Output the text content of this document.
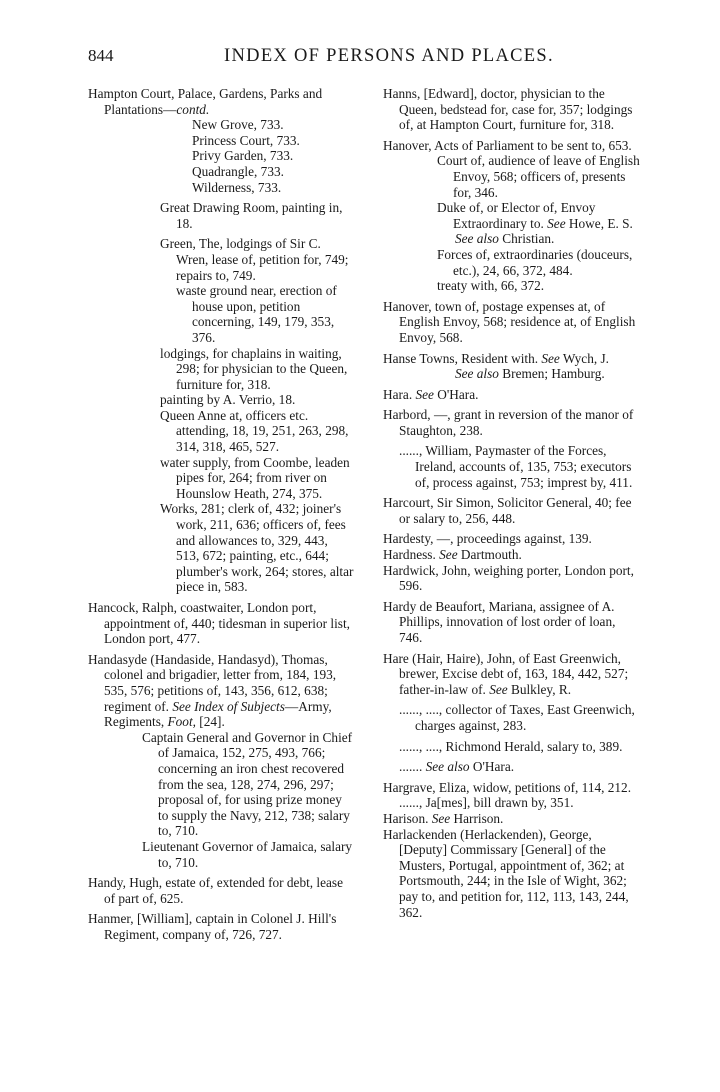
844	INDEX OF PERSONS AND PLACES.
Hampton Court, Palace, Gardens, Parks and Plantations—contd.
New Grove, 733.
Princess Court, 733.
Privy Garden, 733.
Quadrangle, 733.
Wilderness, 733.
Great Drawing Room, painting in, 18.
Green, The, lodgings of Sir C. Wren, lease of, petition for, 749; repairs to, 749.
waste ground near, erection of house upon, petition concerning, 149, 179, 353, 376.
lodgings, for chaplains in waiting, 298; for physician to the Queen, furniture for, 318.
painting by A. Verrio, 18.
Queen Anne at, officers etc. attending, 18, 19, 251, 263, 298, 314, 318, 465, 527.
water supply, from Coombe, leaden pipes for, 264; from river on Hounslow Heath, 274, 375.
Works, 281; clerk of, 432; joiner's work, 211, 636; officers of, fees and allowances to, 329, 443, 513, 672; painting, etc., 644; plumber's work, 264; stores, altar piece in, 583.
Hancock, Ralph, coastwaiter, London port, appointment of, 440; tidesman in superior list, London port, 477.
Handasyde (Handaside, Handasyd), Thomas, colonel and brigadier, letter from, 184, 193, 535, 576; petitions of, 143, 356, 612, 638; regiment of. See Index of Subjects—Army, Regiments, Foot, [24].
Captain General and Governor in Chief of Jamaica, 152, 275, 493, 766; concerning an iron chest recovered from the sea, 128, 274, 296, 297; proposal of, for using prize money to supply the Navy, 212, 738; salary to, 710.
Lieutenant Governor of Jamaica, salary to, 710.
Handy, Hugh, estate of, extended for debt, lease of part of, 625.
Hanmer, [William], captain in Colonel J. Hill's Regiment, company of, 726, 727.
Hanns, [Edward], doctor, physician to the Queen, bedstead for, case for, 357; lodgings of, at Hampton Court, furniture for, 318.
Hanover, Acts of Parliament to be sent to, 653.
Court of, audience of leave of English Envoy, 568; officers of, presents for, 346.
Duke of, or Elector of, Envoy Extraordinary to. See Howe, E. S.
See also Christian.
Forces of, extraordinaries (douceurs, etc.), 24, 66, 372, 484.
treaty with, 66, 372.
Hanover, town of, postage expenses at, of English Envoy, 568; residence at, of English Envoy, 568.
Hanse Towns, Resident with. See Wych, J.
See also Bremen; Hamburg.
Hara. See O'Hara.
Harbord, —, grant in reversion of the manor of Staughton, 238.
......, William, Paymaster of the Forces, Ireland, accounts of, 135, 753; executors of, process against, 753; imprest by, 411.
Harcourt, Sir Simon, Solicitor General, 40; fee or salary to, 256, 448.
Hardesty, —, proceedings against, 139.
Hardness. See Dartmouth.
Hardwick, John, weighing porter, London port, 596.
Hardy de Beaufort, Mariana, assignee of A. Phillips, innovation of lost order of loan, 746.
Hare (Hair, Haire), John, of East Greenwich, brewer, Excise debt of, 163, 184, 442, 527; father-in-law of. See Bulkley, R.
......, ...., collector of Taxes, East Greenwich, charges against, 283.
......, ...., Richmond Herald, salary to, 389.
....... See also O'Hara.
Hargrave, Eliza, widow, petitions of, 114, 212.
......, Ja[mes], bill drawn by, 351.
Harison. See Harrison.
Harlackenden (Herlackenden), George, [Deputy] Commissary [General] of the Musters, Portugal, appointment of, 362; at Portsmouth, 244; in the Isle of Wight, 362; pay to, and petition for, 112, 113, 143, 244, 362.
